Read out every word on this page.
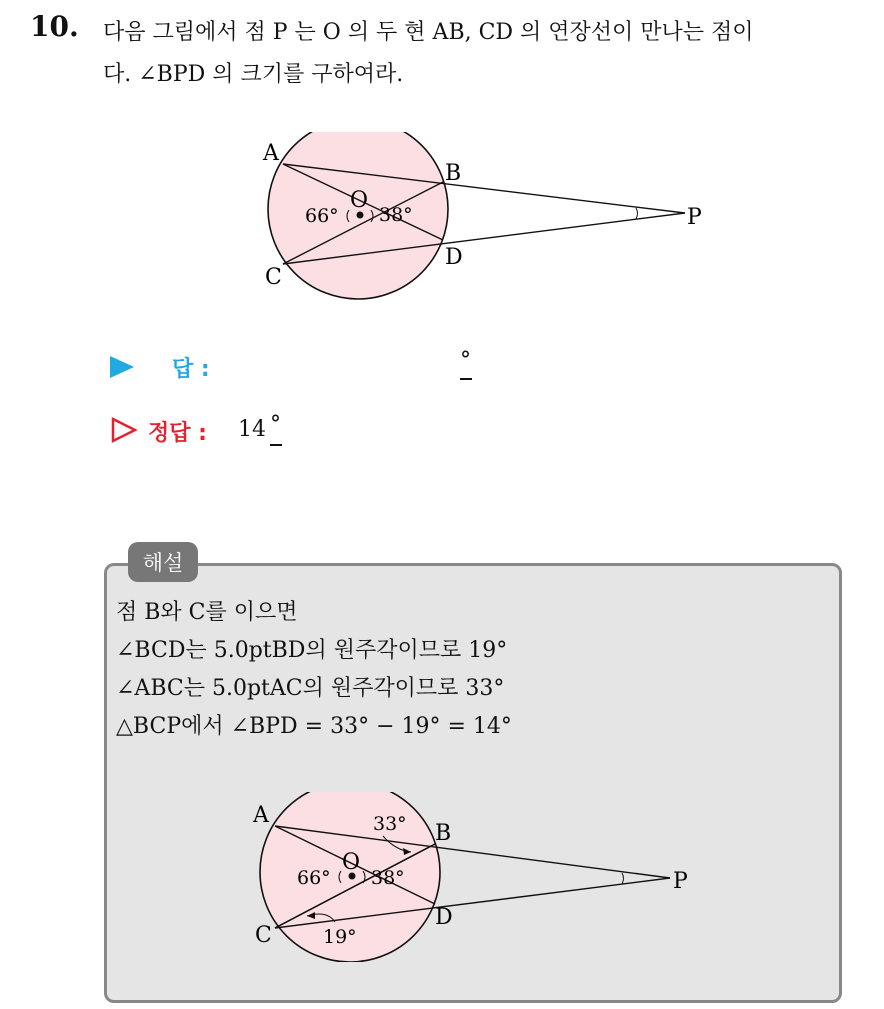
10. 다음 그림에서 점 P 는 O 의 두 현 AB, CD 의 연장선이 만나는 점이
다. ∠BPD 의 크기를 구하여라.
A
B
C
D
O
P
66° 38°
답 :	°
정답 : 14 °
해설
점 B와 C를 이으면
∠BCD는 5.0ptBD의 원주각이므로 19°
∠ABC는 5.0ptAC의 원주각이므로 33°
△BCP에서 ∠BPD = 33° − 19° = 14°
A
B
C
D
O
P
66° 38°
33°
19°
